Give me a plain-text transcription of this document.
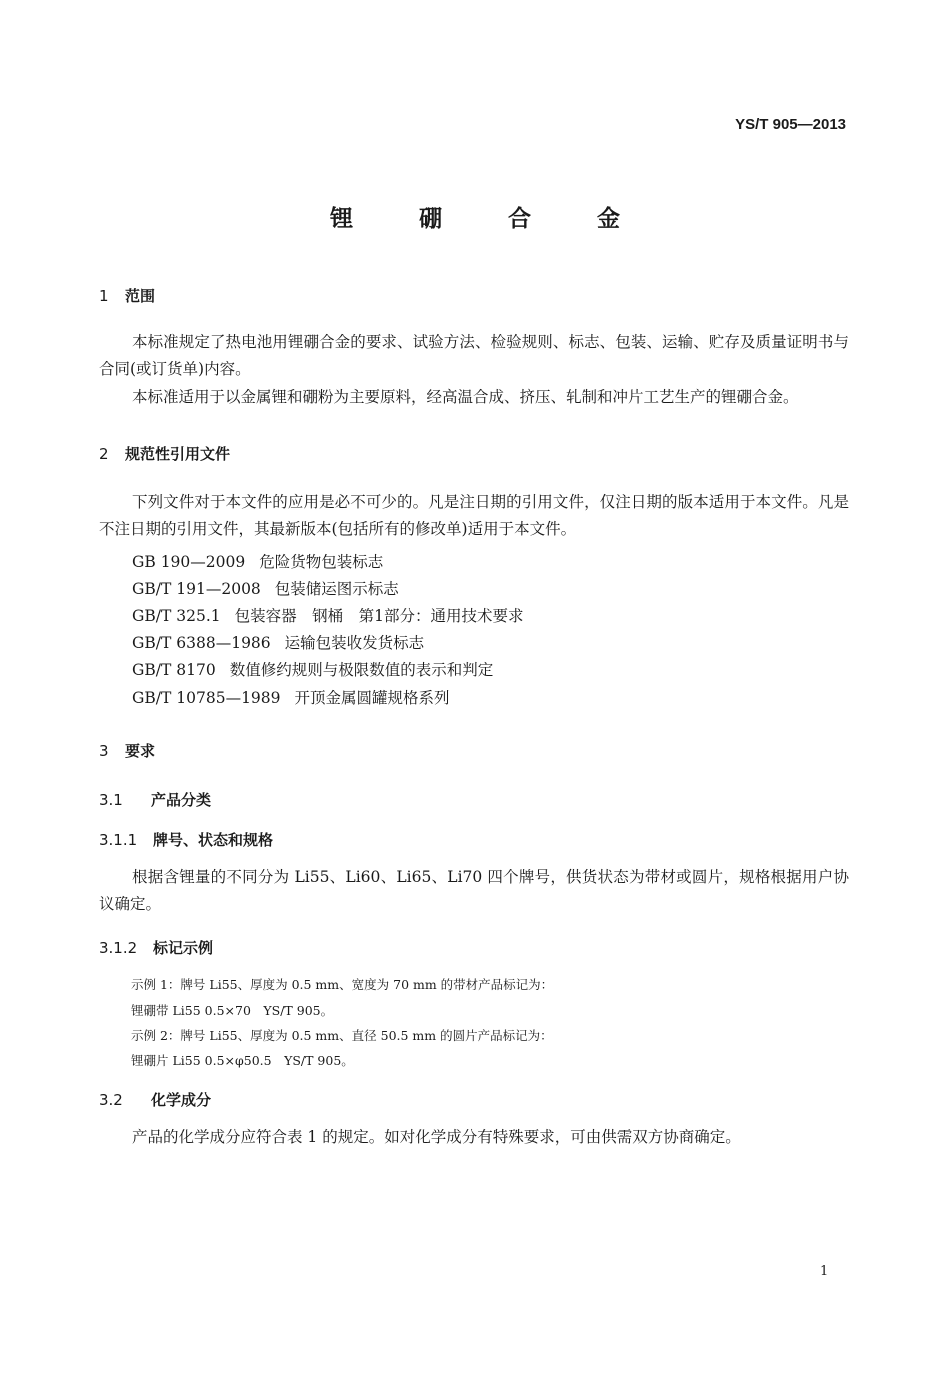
YS/T 905—2013
锂 硼 合 金
1 范围
本标准规定了热电池用锂硼合金的要求、试验方法、检验规则、标志、包装、运输、贮存及质量证明书与合同(或订货单)内容。
本标准适用于以金属锂和硼粉为主要原料，经高温合成、挤压、轧制和冲片工艺生产的锂硼合金。
2 规范性引用文件
下列文件对于本文件的应用是必不可少的。凡是注日期的引用文件，仅注日期的版本适用于本文件。凡是不注日期的引用文件，其最新版本(包括所有的修改单)适用于本文件。
GB 190—2009 危险货物包装标志
GB/T 191—2008 包装储运图示标志
GB/T 325.1 包装容器　钢桶　第1部分：通用技术要求
GB/T 6388—1986 运输包装收发货标志
GB/T 8170 数值修约规则与极限数值的表示和判定
GB/T 10785—1989 开顶金属圆罐规格系列
3 要求
3.1 产品分类
3.1.1 牌号、状态和规格
根据含锂量的不同分为 Li55、Li60、Li65、Li70 四个牌号，供货状态为带材或圆片，规格根据用户协议确定。
3.1.2 标记示例
示例 1：牌号 Li55、厚度为 0.5 mm、宽度为 70 mm 的带材产品标记为：
锂硼带 Li55 0.5×70　YS/T 905。
示例 2：牌号 Li55、厚度为 0.5 mm、直径 50.5 mm 的圆片产品标记为：
锂硼片 Li55 0.5×φ50.5　YS/T 905。
3.2 化学成分
产品的化学成分应符合表 1 的规定。如对化学成分有特殊要求，可由供需双方协商确定。
1
